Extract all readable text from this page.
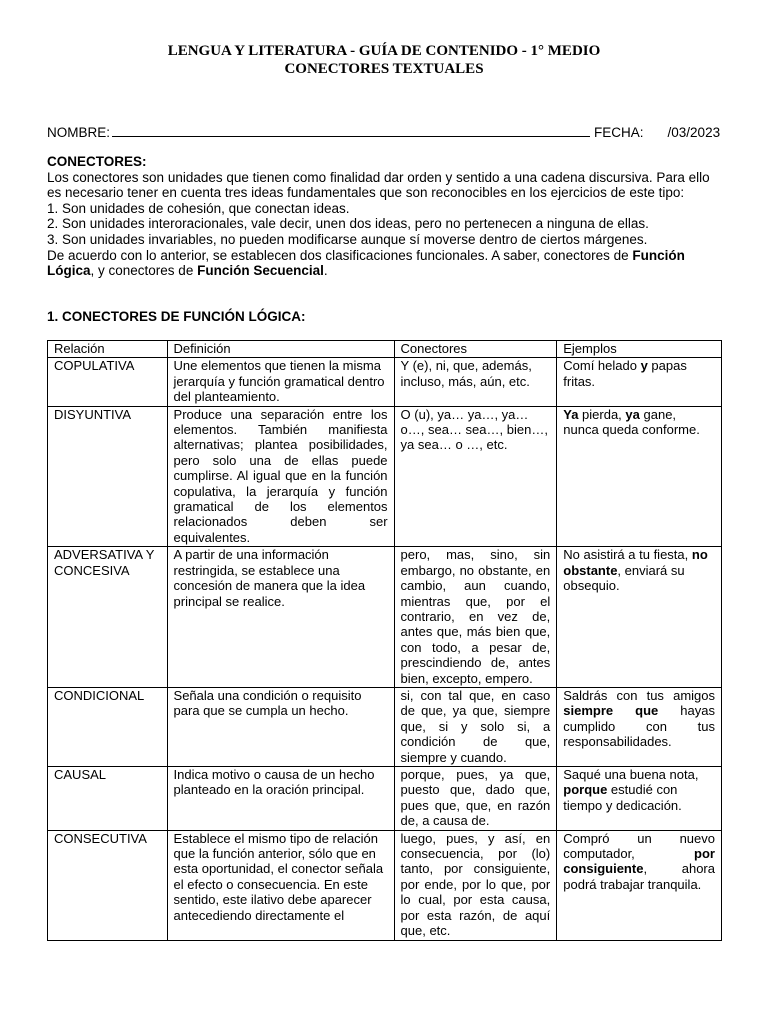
LENGUA Y LITERATURA - GUÍA DE CONTENIDO - 1° MEDIO
CONECTORES TEXTUALES
NOMBRE:	FECHA: /03/2023

CONECTORES:

Los conectores son unidades que tienen como finalidad dar orden y sentido a una cadena discursiva. Para ello es necesario tener en cuenta tres ideas fundamentales que son reconocibles en los ejercicios de este tipo:

1. Son unidades de cohesión, que conectan ideas.

2. Son unidades interoracionales, vale decir, unen dos ideas, pero no pertenecen a ninguna de ellas.

3. Son unidades invariables, no pueden modificarse aunque sí moverse dentro de ciertos márgenes.

De acuerdo con lo anterior, se establecen dos clasificaciones funcionales. A saber, conectores de Función Lógica, y conectores de Función Secuencial.

1. CONECTORES DE FUNCIÓN LÓGICA:
Relación	Definición	Conectores	Ejemplos
COPULATIVA	Une elementos que tienen la misma jerarquía y función gramatical dentro del planteamiento.	Y (e), ni, que, además, incluso, más, aún, etc.	Comí helado y papas fritas.
DISYUNTIVA	Produce una separación entre los elementos. También manifiesta alternativas; plantea posibilidades, pero solo una de ellas puede cumplirse. Al igual que en la función copulativa, la jerarquía y función gramatical de los elementos relacionados deben ser equivalentes.	O (u), ya… ya…, ya… o…, sea… sea…, bien…, ya sea… o …, etc.	Ya pierda, ya gane, nunca queda conforme.
ADVERSATIVA Y CONCESIVA	A partir de una información restringida, se establece una concesión de manera que la idea principal se realice.	pero, mas, sino, sin embargo, no obstante, en cambio, aun cuando, mientras que, por el contrario, en vez de, antes que, más bien que, con todo, a pesar de, prescindiendo de, antes bien, excepto, empero.	No asistirá a tu fiesta, no obstante, enviará su obsequio.
CONDICIONAL	Señala una condición o requisito para que se cumpla un hecho.	si, con tal que, en caso de que, ya que, siempre que, si y solo si, a condición de que, siempre y cuando.	Saldrás con tus amigos siempre que hayas cumplido con tus responsabilidades.
CAUSAL	Indica motivo o causa de un hecho planteado en la oración principal.	porque, pues, ya que, puesto que, dado que, pues que, que, en razón de, a causa de.	Saqué una buena nota, porque estudié con tiempo y dedicación.
CONSECUTIVA	Establece el mismo tipo de relación que la función anterior, sólo que en esta oportunidad, el conector señala el efecto o consecuencia. En este sentido, este ilativo debe aparecer antecediendo directamente el	luego, pues, y así, en consecuencia, por (lo) tanto, por consiguiente, por ende, por lo que, por lo cual, por esta causa, por esta razón, de aquí que, etc.	Compró un nuevo computador, por consiguiente, ahora podrá trabajar tranquila.
